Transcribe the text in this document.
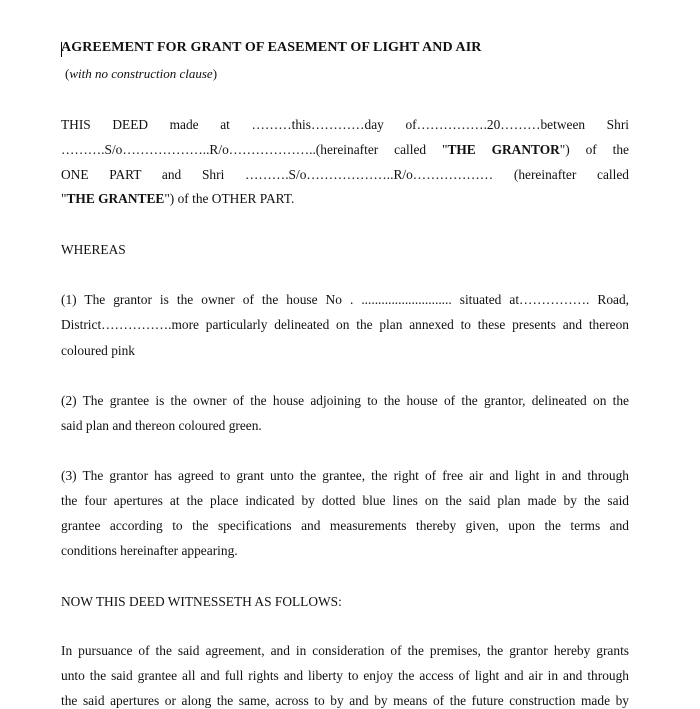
AGREEMENT FOR GRANT OF EASEMENT OF LIGHT AND AIR
(with no construction clause)
THIS DEED made at ………this…………day of…………….20………between Shri
……….S/o………………..R/o………………..(hereinafter called "THE GRANTOR") of the
ONE PART and Shri ……….S/o………………..R/o……………… (hereinafter called
"THE GRANTEE") of the OTHER PART.
WHEREAS
(1) The grantor is the owner of the house No . ........................... situated at……………. Road,
District…………….more particularly delineated on the plan annexed to these presents and thereon
coloured pink
(2) The grantee is the owner of the house adjoining to the house of the grantor, delineated on the
said plan and thereon coloured green.
(3) The grantor has agreed to grant unto the grantee, the right of free air and light in and through
the four apertures at the place indicated by dotted blue lines on the said plan made by the said
grantee according to the specifications and measurements thereby given, upon the terms and
conditions hereinafter appearing.
NOW THIS DEED WITNESSETH AS FOLLOWS:
In pursuance of the said agreement, and in consideration of the premises, the grantor hereby grants
unto the said grantee all and full rights and liberty to enjoy the access of light and air in and through
the said apertures or along the same, across to by and by means of the future construction made by
